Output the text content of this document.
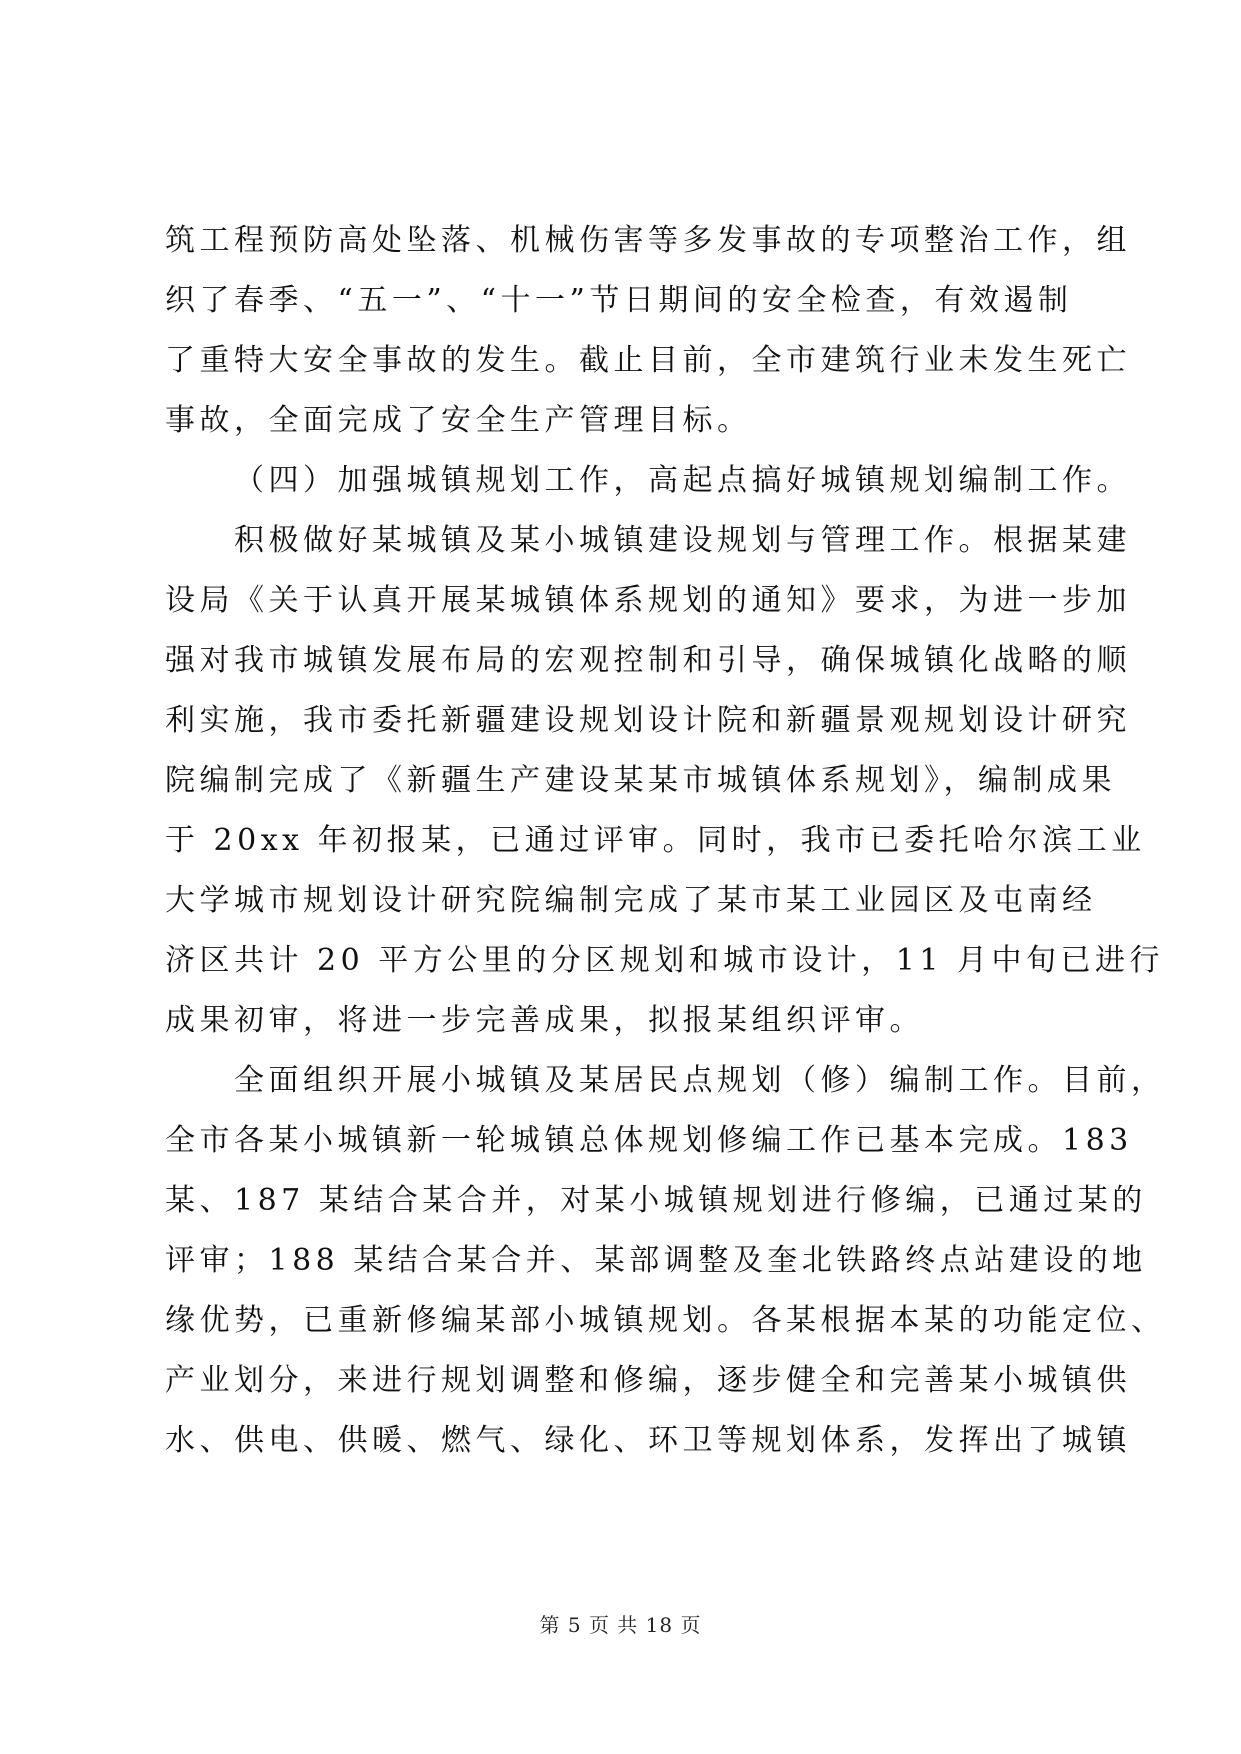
筑工程预防高处坠落、机械伤害等多发事故的专项整治工作，组
织了春季、“五一”、“十一”节日期间的安全检查，有效遏制
了重特大安全事故的发生。截止目前，全市建筑行业未发生死亡
事故，全面完成了安全生产管理目标。
（四）加强城镇规划工作，高起点搞好城镇规划编制工作。
积极做好某城镇及某小城镇建设规划与管理工作。根据某建
设局《关于认真开展某城镇体系规划的通知》要求，为进一步加
强对我市城镇发展布局的宏观控制和引导，确保城镇化战略的顺
利实施，我市委托新疆建设规划设计院和新疆景观规划设计研究
院编制完成了《新疆生产建设某某市城镇体系规划》，编制成果
于 20xx 年初报某，已通过评审。同时，我市已委托哈尔滨工业
大学城市规划设计研究院编制完成了某市某工业园区及屯南经
济区共计 20 平方公里的分区规划和城市设计，11 月中旬已进行
成果初审，将进一步完善成果，拟报某组织评审。
全面组织开展小城镇及某居民点规划（修）编制工作。目前，
全市各某小城镇新一轮城镇总体规划修编工作已基本完成。183
某、187 某结合某合并，对某小城镇规划进行修编，已通过某的
评审；188 某结合某合并、某部调整及奎北铁路终点站建设的地
缘优势，已重新修编某部小城镇规划。各某根据本某的功能定位、
产业划分，来进行规划调整和修编，逐步健全和完善某小城镇供
水、供电、供暖、燃气、绿化、环卫等规划体系，发挥出了城镇
第 5 页 共 18 页
